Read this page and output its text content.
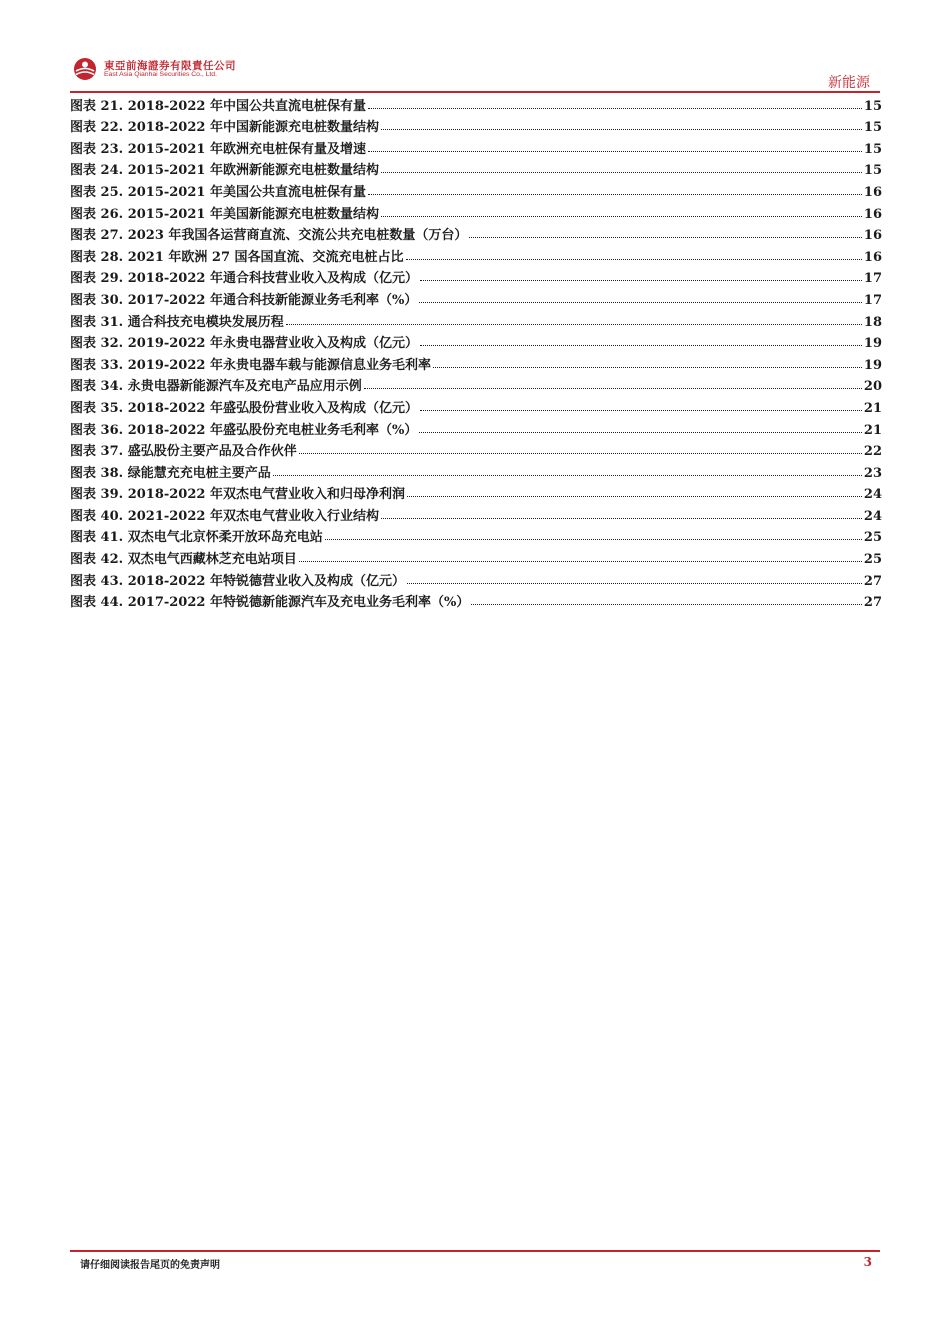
東亞前海證券有限責任公司
East Asia Qianhai Securities Co., Ltd.
新能源
图表 21. 2018-2022 年中国公共直流电桩保有量	15
图表 22. 2018-2022 年中国新能源充电桩数量结构	15
图表 23. 2015-2021 年欧洲充电桩保有量及增速	15
图表 24. 2015-2021 年欧洲新能源充电桩数量结构	15
图表 25. 2015-2021 年美国公共直流电桩保有量	16
图表 26. 2015-2021 年美国新能源充电桩数量结构	16
图表 27. 2023 年我国各运营商直流、交流公共充电桩数量（万台）	16
图表 28. 2021 年欧洲 27 国各国直流、交流充电桩占比	16
图表 29. 2018-2022 年通合科技营业收入及构成（亿元）	17
图表 30. 2017-2022 年通合科技新能源业务毛利率（%）	17
图表 31. 通合科技充电模块发展历程	18
图表 32. 2019-2022 年永贵电器营业收入及构成（亿元）	19
图表 33. 2019-2022 年永贵电器车载与能源信息业务毛利率	19
图表 34. 永贵电器新能源汽车及充电产品应用示例	20
图表 35. 2018-2022 年盛弘股份营业收入及构成（亿元）	21
图表 36. 2018-2022 年盛弘股份充电桩业务毛利率（%）	21
图表 37. 盛弘股份主要产品及合作伙伴	22
图表 38. 绿能慧充充电桩主要产品	23
图表 39. 2018-2022 年双杰电气营业收入和归母净利润	24
图表 40. 2021-2022 年双杰电气营业收入行业结构	24
图表 41. 双杰电气北京怀柔开放环岛充电站	25
图表 42. 双杰电气西藏林芝充电站项目	25
图表 43. 2018-2022 年特锐德营业收入及构成（亿元）	27
图表 44. 2017-2022 年特锐德新能源汽车及充电业务毛利率（%）	27
请仔细阅读报告尾页的免责声明	3
